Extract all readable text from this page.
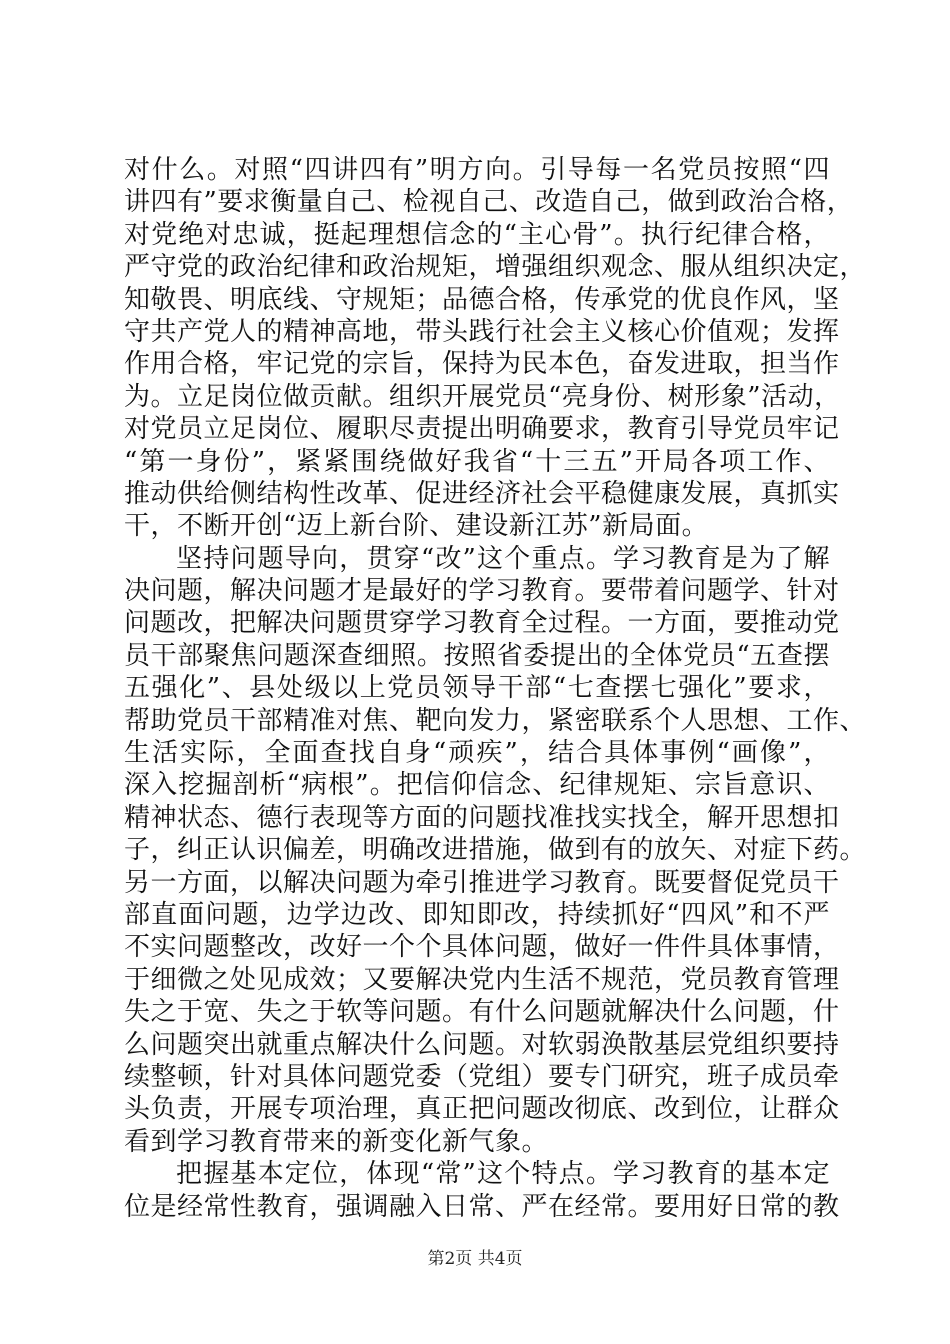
对什么。对照“四讲四有”明方向。引导每一名党员按照“四
讲四有”要求衡量自己、检视自己、改造自己，做到政治合格，
对党绝对忠诚，挺起理想信念的“主心骨”。执行纪律合格，
严守党的政治纪律和政治规矩，增强组织观念、服从组织决定，
知敬畏、明底线、守规矩；品德合格，传承党的优良作风，坚
守共产党人的精神高地，带头践行社会主义核心价值观；发挥
作用合格，牢记党的宗旨，保持为民本色，奋发进取，担当作
为。立足岗位做贡献。组织开展党员“亮身份、树形象”活动，
对党员立足岗位、履职尽责提出明确要求，教育引导党员牢记
“第一身份”，紧紧围绕做好我省“十三五”开局各项工作、
推动供给侧结构性改革、促进经济社会平稳健康发展，真抓实
干，不断开创“迈上新台阶、建设新江苏”新局面。
坚持问题导向，贯穿“改”这个重点。学习教育是为了解
决问题，解决问题才是最好的学习教育。要带着问题学、针对
问题改，把解决问题贯穿学习教育全过程。一方面，要推动党
员干部聚焦问题深查细照。按照省委提出的全体党员“五查摆
五强化”、县处级以上党员领导干部“七查摆七强化”要求，
帮助党员干部精准对焦、靶向发力，紧密联系个人思想、工作、
生活实际，全面查找自身“顽疾”，结合具体事例“画像”，
深入挖掘剖析“病根”。把信仰信念、纪律规矩、宗旨意识、
精神状态、德行表现等方面的问题找准找实找全，解开思想扣
子，纠正认识偏差，明确改进措施，做到有的放矢、对症下药。
另一方面，以解决问题为牵引推进学习教育。既要督促党员干
部直面问题，边学边改、即知即改，持续抓好“四风”和不严
不实问题整改，改好一个个具体问题，做好一件件具体事情，
于细微之处见成效；又要解决党内生活不规范，党员教育管理
失之于宽、失之于软等问题。有什么问题就解决什么问题，什
么问题突出就重点解决什么问题。对软弱涣散基层党组织要持
续整顿，针对具体问题党委（党组）要专门研究，班子成员牵
头负责，开展专项治理，真正把问题改彻底、改到位，让群众
看到学习教育带来的新变化新气象。
把握基本定位，体现“常”这个特点。学习教育的基本定
位是经常性教育，强调融入日常、严在经常。要用好日常的教
第2页 共4页
